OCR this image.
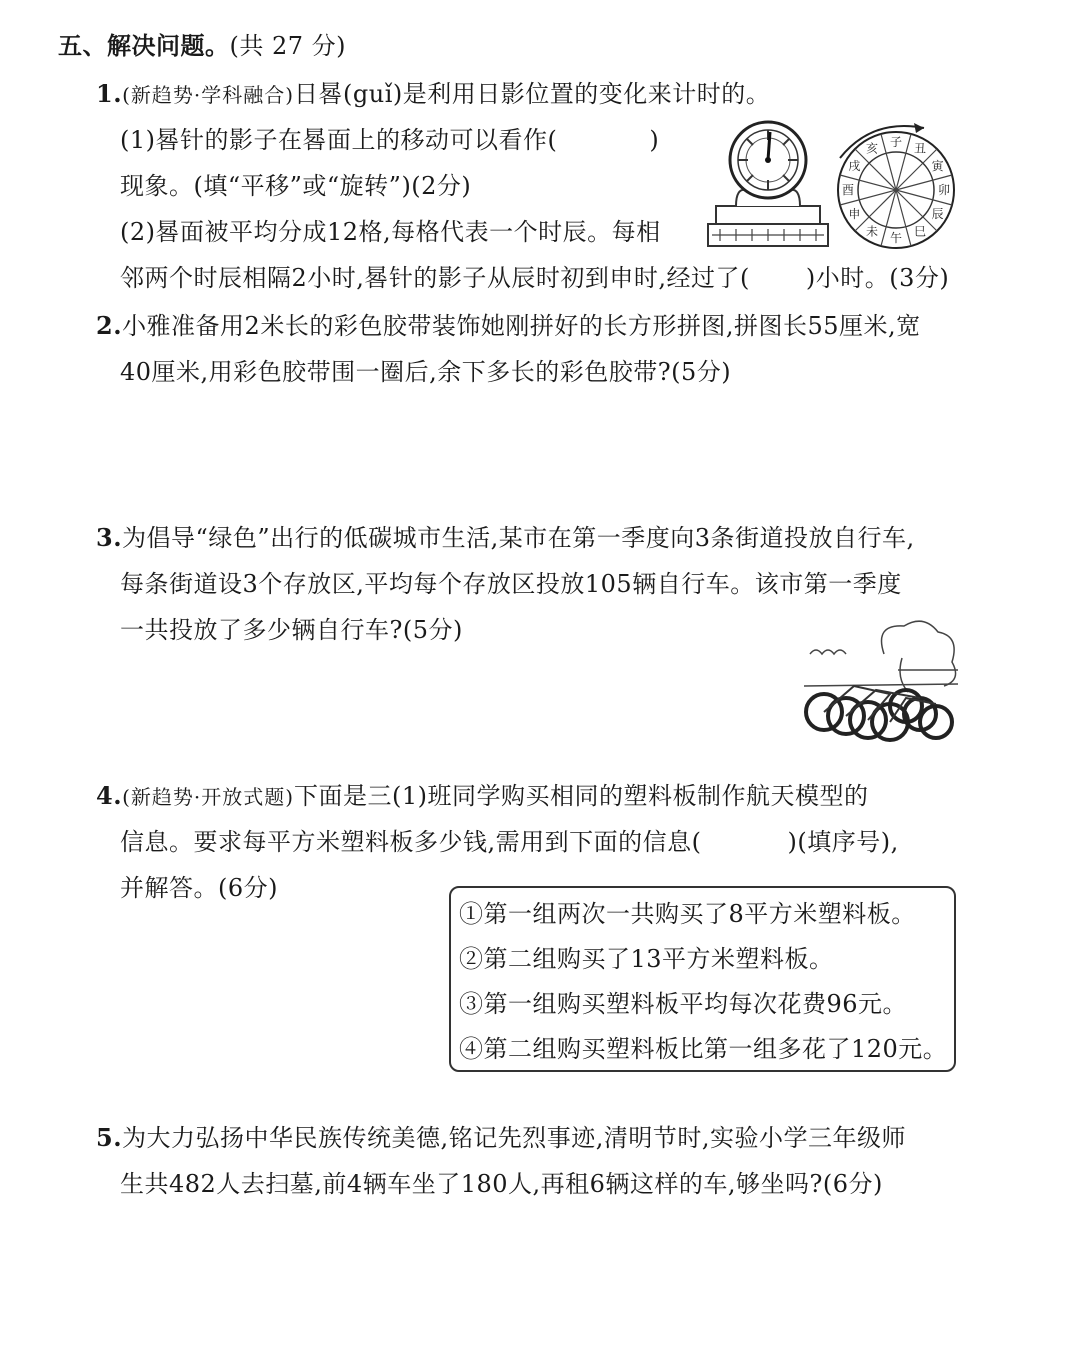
五、解决问题。(共 27 分)
1.(新趋势·学科融合)日晷(guǐ)是利用日影位置的变化来计时的。
(1)晷针的影子在晷面上的移动可以看作(	)
现象。(填“平移”或“旋转”)(2分)
(2)晷面被平均分成12格,每格代表一个时辰。每相
邻两个时辰相隔2小时,晷针的影子从辰时初到申时,经过了( )小时。(3分)
子 丑
寅
卯
辰
巳
午
未
申
酉
戌
亥
2.小雅准备用2米长的彩色胶带装饰她刚拼好的长方形拼图,拼图长55厘米,宽
40厘米,用彩色胶带围一圈后,余下多长的彩色胶带?(5分)
3.为倡导“绿色”出行的低碳城市生活,某市在第一季度向3条街道投放自行车,
每条街道设3个存放区,平均每个存放区投放105辆自行车。该市第一季度
一共投放了多少辆自行车?(5分)
4.(新趋势·开放式题)下面是三(1)班同学购买相同的塑料板制作航天模型的
信息。要求每平方米塑料板多少钱,需用到下面的信息(	)(填序号),
并解答。(6分)
①第一组两次一共购买了8平方米塑料板。
②第二组购买了13平方米塑料板。
③第一组购买塑料板平均每次花费96元。
④第二组购买塑料板比第一组多花了120元。
5.为大力弘扬中华民族传统美德,铭记先烈事迹,清明节时,实验小学三年级师
生共482人去扫墓,前4辆车坐了180人,再租6辆这样的车,够坐吗?(6分)
